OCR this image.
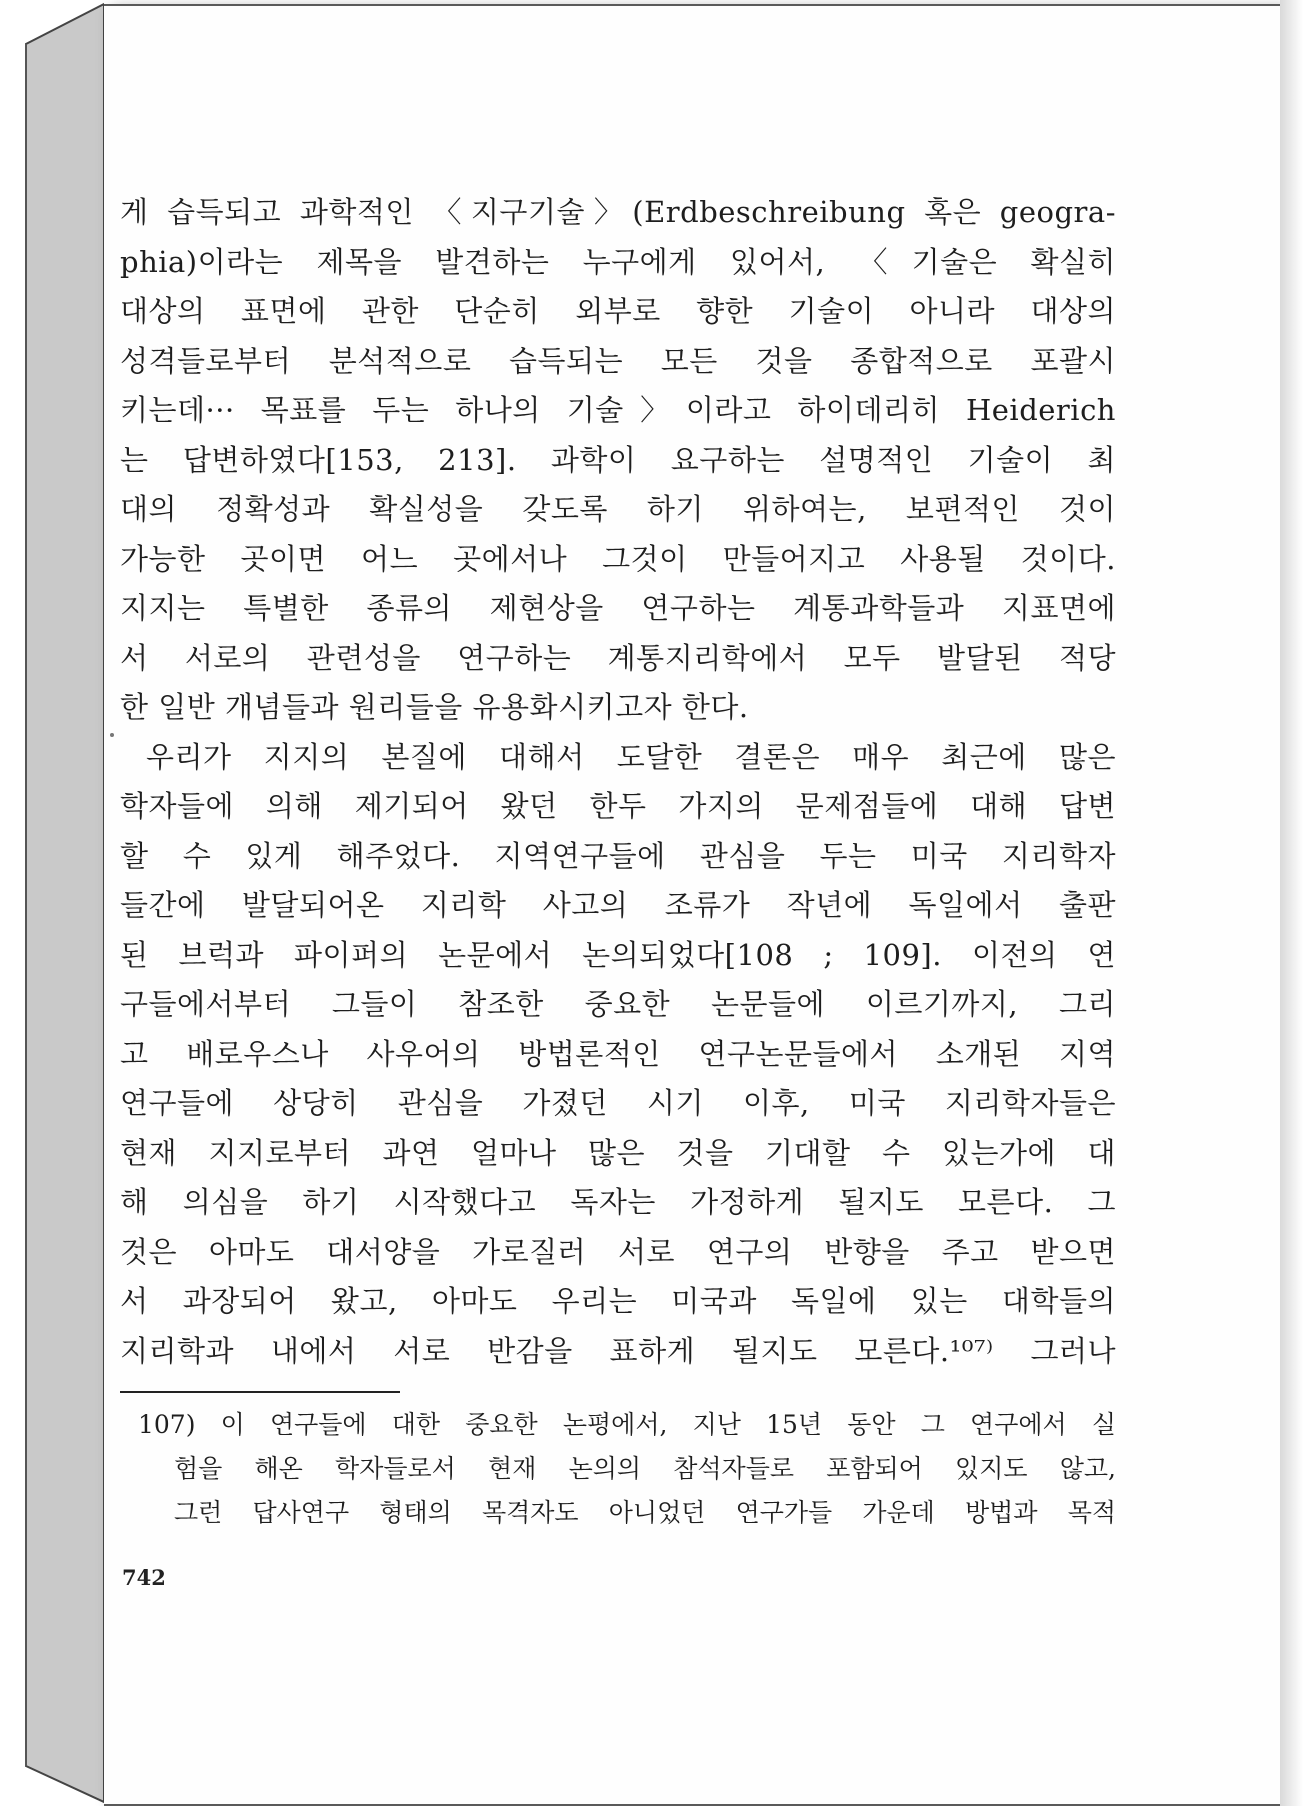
게 습득되고 과학적인 〈지구기술〉(Erdbeschreibung 혹은 geogra-
phia)이라는 제목을 발견하는 누구에게 있어서, 〈기술은 확실히
대상의 표면에 관한 단순히 외부로 향한 기술이 아니라 대상의
성격들로부터 분석적으로 습득되는 모든 것을 종합적으로 포괄시
키는데··· 목표를 두는 하나의 기술〉이라고 하이데리히 Heiderich
는 답변하였다[153, 213]. 과학이 요구하는 설명적인 기술이 최
대의 정확성과 확실성을 갖도록 하기 위하여는, 보편적인 것이
가능한 곳이면 어느 곳에서나 그것이 만들어지고 사용될 것이다.
지지는 특별한 종류의 제현상을 연구하는 계통과학들과 지표면에
서 서로의 관련성을 연구하는 계통지리학에서 모두 발달된 적당
한 일반 개념들과 원리들을 유용화시키고자 한다.
우리가 지지의 본질에 대해서 도달한 결론은 매우 최근에 많은
학자들에 의해 제기되어 왔던 한두 가지의 문제점들에 대해 답변
할 수 있게 해주었다. 지역연구들에 관심을 두는 미국 지리학자
들간에 발달되어온 지리학 사고의 조류가 작년에 독일에서 출판
된 브럭과 파이퍼의 논문에서 논의되었다[108 ; 109]. 이전의 연
구들에서부터 그들이 참조한 중요한 논문들에 이르기까지, 그리
고 배로우스나 사우어의 방법론적인 연구논문들에서 소개된 지역
연구들에 상당히 관심을 가졌던 시기 이후, 미국 지리학자들은
현재 지지로부터 과연 얼마나 많은 것을 기대할 수 있는가에 대
해 의심을 하기 시작했다고 독자는 가정하게 될지도 모른다. 그
것은 아마도 대서양을 가로질러 서로 연구의 반향을 주고 받으면
서 과장되어 왔고, 아마도 우리는 미국과 독일에 있는 대학들의
지리학과 내에서 서로 반감을 표하게 될지도 모른다.¹⁰⁷⁾ 그러나
107) 이 연구들에 대한 중요한 논평에서, 지난 15년 동안 그 연구에서 실
험을 해온 학자들로서 현재 논의의 참석자들로 포함되어 있지도 않고,
그런 답사연구 형태의 목격자도 아니었던 연구가들 가운데 방법과 목적
742
